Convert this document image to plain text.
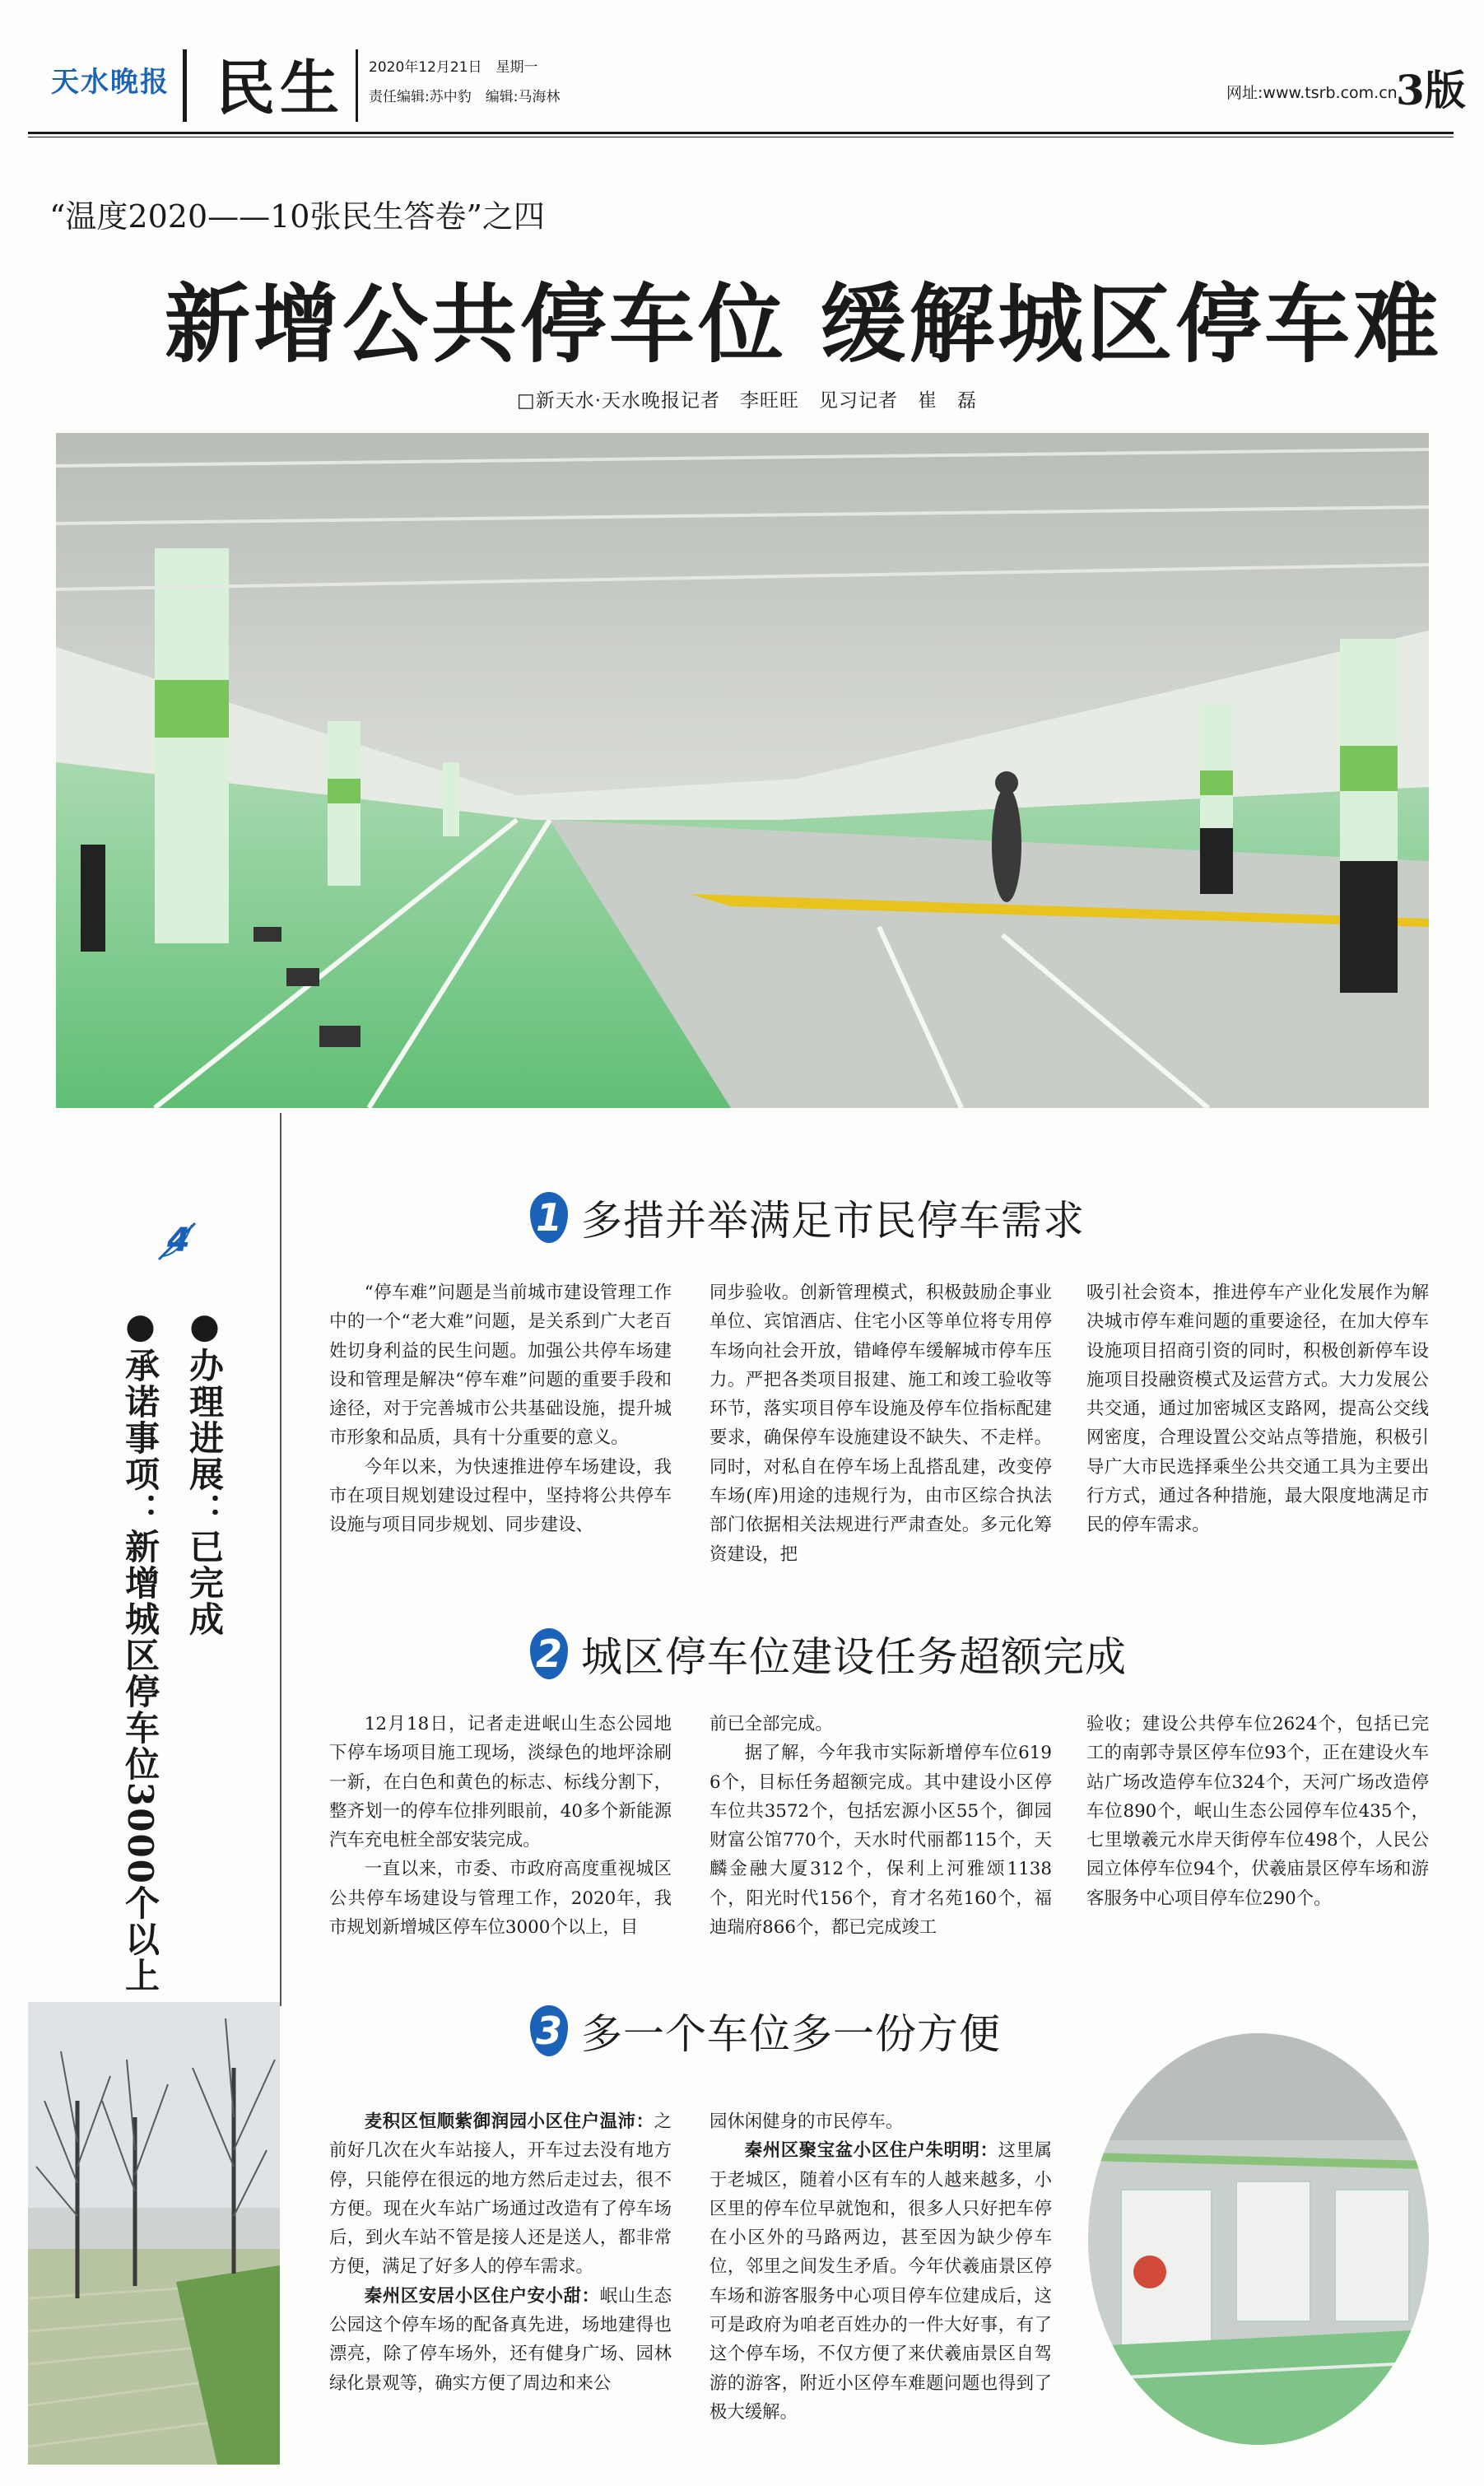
天水晚报 民生 2020年12月21日　星期一
责任编辑:苏中豹　编辑:马海林	网址:www.tsrb.com.cn
3版
“温度2020——10张民生答卷”之四
新增公共停车位 缓解城区停车难
□新天水·天水晚报记者　李旺旺　见习记者　崔　磊
4
●办理进展：已完成
●承诺事项：新增城区停车位3000个以上
1 多措并举满足市民停车需求

“停车难”问题是当前城市建设管理工作中的一个“老大难”问题，是关系到广大老百姓切身利益的民生问题。加强公共停车场建设和管理是解决“停车难”问题的重要手段和途径，对于完善城市公共基础设施，提升城市形象和品质，具有十分重要的意义。

今年以来，为快速推进停车场建设，我市在项目规划建设过程中，坚持将公共停车设施与项目同步规划、同步建设、

同步验收。创新管理模式，积极鼓励企事业单位、宾馆酒店、住宅小区等单位将专用停车场向社会开放，错峰停车缓解城市停车压力。严把各类项目报建、施工和竣工验收等环节，落实项目停车设施及停车位指标配建要求，确保停车设施建设不缺失、不走样。同时，对私自在停车场上乱搭乱建，改变停车场(库)用途的违规行为，由市区综合执法部门依据相关法规进行严肃查处。多元化筹资建设，把

吸引社会资本，推进停车产业化发展作为解决城市停车难问题的重要途径，在加大停车设施项目招商引资的同时，积极创新停车设施项目投融资模式及运营方式。大力发展公共交通，通过加密城区支路网，提高公交线网密度，合理设置公交站点等措施，积极引导广大市民选择乘坐公共交通工具为主要出行方式，通过各种措施，最大限度地满足市民的停车需求。

2 城区停车位建设任务超额完成

12月18日，记者走进岷山生态公园地下停车场项目施工现场，淡绿色的地坪涂刷一新，在白色和黄色的标志、标线分割下，整齐划一的停车位排列眼前，40多个新能源汽车充电桩全部安装完成。

一直以来，市委、市政府高度重视城区公共停车场建设与管理工作，2020年，我市规划新增城区停车位3000个以上，目

前已全部完成。

据了解，今年我市实际新增停车位6196个，目标任务超额完成。其中建设小区停车位共3572个，包括宏源小区55个，御园财富公馆770个，天水时代丽都115个，天麟金融大厦312个，保利上河雅颂1138个，阳光时代156个，育才名苑160个，福迪瑞府866个，都已完成竣工

验收；建设公共停车位2624个，包括已完工的南郭寺景区停车位93个，正在建设火车站广场改造停车位324个，天河广场改造停车位890个，岷山生态公园停车位435个，七里墩羲元水岸天街停车位498个，人民公园立体停车位94个，伏羲庙景区停车场和游客服务中心项目停车位290个。

3 多一个车位多一份方便

麦积区恒顺紫御润园小区住户温沛：之前好几次在火车站接人，开车过去没有地方停，只能停在很远的地方然后走过去，很不方便。现在火车站广场通过改造有了停车场后，到火车站不管是接人还是送人，都非常方便，满足了好多人的停车需求。

秦州区安居小区住户安小甜：岷山生态公园这个停车场的配备真先进，场地建得也漂亮，除了停车场外，还有健身广场、园林绿化景观等，确实方便了周边和来公

园休闲健身的市民停车。

秦州区聚宝盆小区住户朱明明：这里属于老城区，随着小区有车的人越来越多，小区里的停车位早就饱和，很多人只好把车停在小区外的马路两边，甚至因为缺少停车位，邻里之间发生矛盾。今年伏羲庙景区停车场和游客服务中心项目停车位建成后，这可是政府为咱老百姓办的一件大好事，有了这个停车场，不仅方便了来伏羲庙景区自驾游的游客，附近小区停车难题问题也得到了极大缓解。
